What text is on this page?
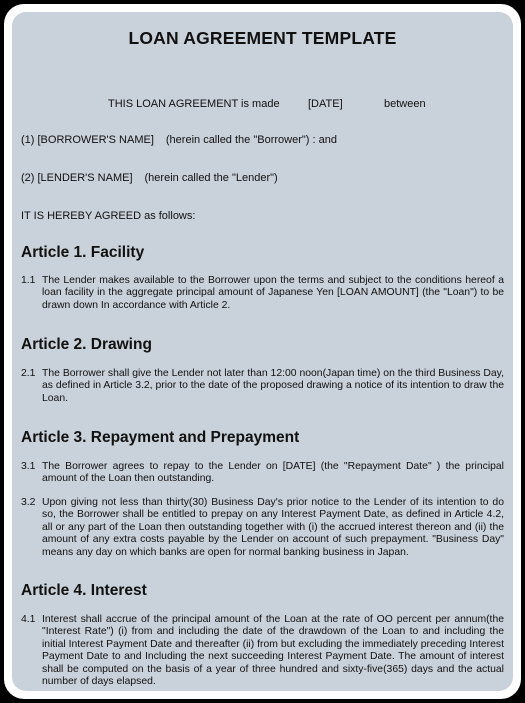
LOAN AGREEMENT TEMPLATE
THIS LOAN AGREEMENT is made	[DATE]	between
(1) [BORROWER'S NAME] (herein called the "Borrower") : and
(2) [LENDER'S NAME] (herein called the "Lender")
IT IS HEREBY AGREED as follows:
Article 1. Facility
1.1 The Lender makes available to the Borrower upon the terms and subject to the conditions hereof a loan facility in the aggregate principal amount of Japanese Yen [LOAN AMOUNT] (the "Loan") to be drawn down In accordance with Article 2.
Article 2. Drawing
2.1 The Borrower shall give the Lender not later than 12:00 noon(Japan time) on the third Business Day, as defined in Article 3.2, prior to the date of the proposed drawing a notice of its intention to draw the Loan.
Article 3. Repayment and Prepayment
3.1 The Borrower agrees to repay to the Lender on [DATE] (the "Repayment Date" ) the principal amount of the Loan then outstanding.
3.2 Upon giving not less than thirty(30) Business Day's prior notice to the Lender of its intention to do so, the Borrower shall be entitled to prepay on any Interest Payment Date, as defined in Article 4.2, all or any part of the Loan then outstanding together with (i) the accrued interest thereon and (ii) the amount of any extra costs payable by the Lender on account of such prepayment. "Business Day" means any day on which banks are open for normal banking business in Japan.
Article 4. Interest
4.1 Interest shall accrue of the principal amount of the Loan at the rate of OO percent per annum(the "Interest Rate") (i) from and including the date of the drawdown of the Loan to and including the initial Interest Payment Date and thereafter (ii) from but excluding the immediately preceding Interest Payment Date to and Including the next succeeding Interest Payment Date. The amount of interest shall be computed on the basis of a year of three hundred and sixty-five(365) days and the actual number of days elapsed.
